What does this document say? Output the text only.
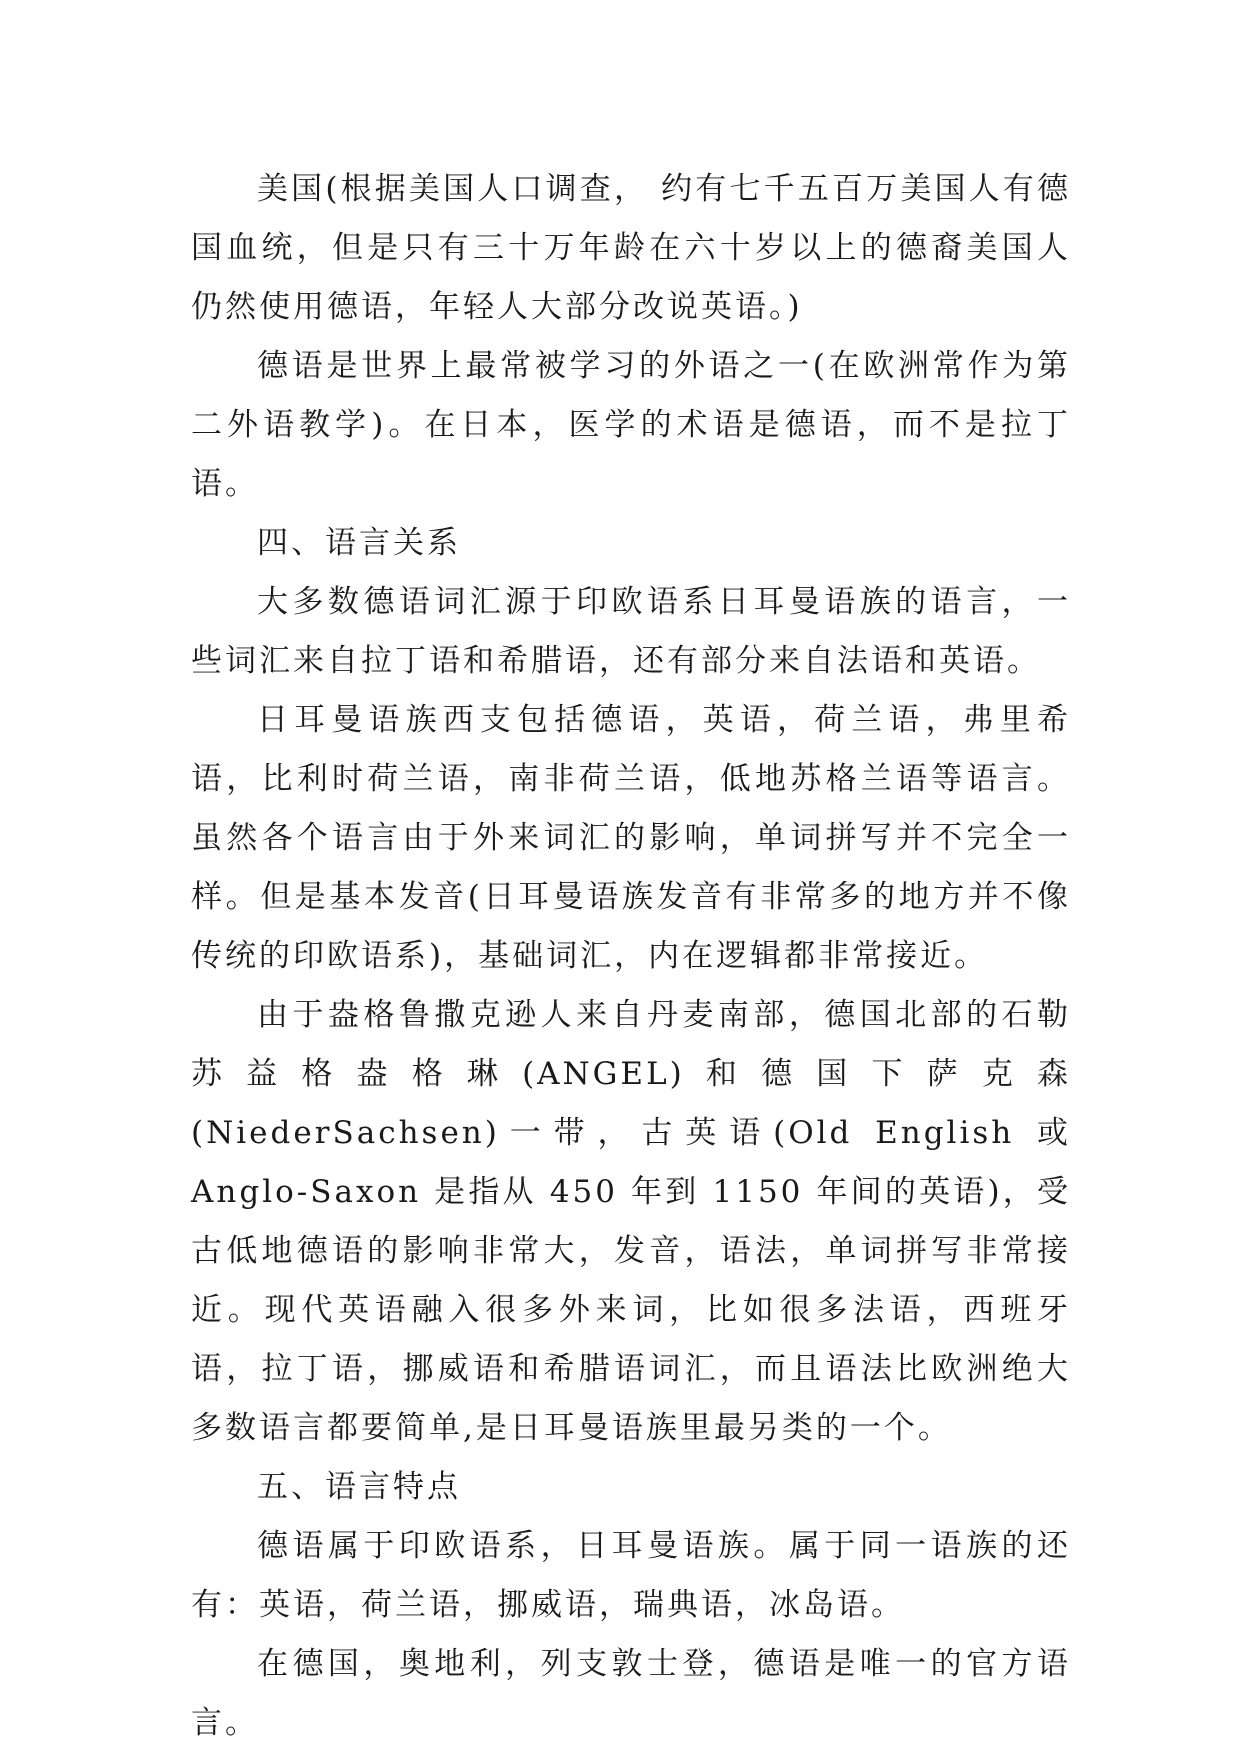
美国(根据美国人口调查， 约有七千五百万美国人有德国血统，但是只有三十万年龄在六十岁以上的德裔美国人仍然使用德语，年轻人大部分改说英语。)

德语是世界上最常被学习的外语之一(在欧洲常作为第二外语教学)。在日本，医学的术语是德语，而不是拉丁语。

四、语言关系

大多数德语词汇源于印欧语系日耳曼语族的语言，一些词汇来自拉丁语和希腊语，还有部分来自法语和英语。

日耳曼语族西支包括德语，英语，荷兰语，弗里希语，比利时荷兰语，南非荷兰语，低地苏格兰语等语言。虽然各个语言由于外来词汇的影响，单词拼写并不完全一样。但是基本发音(日耳曼语族发音有非常多的地方并不像传统的印欧语系)，基础词汇，内在逻辑都非常接近。

由于盎格鲁撒克逊人来自丹麦南部，德国北部的石勒苏益格盎格琳(ANGEL)和德国下萨克森(NiederSachsen)一带，古英语(Old English 或 Anglo-Saxon 是指从 450 年到 1150 年间的英语)，受古低地德语的影响非常大，发音，语法，单词拼写非常接近。现代英语融入很多外来词，比如很多法语，西班牙语，拉丁语，挪威语和希腊语词汇，而且语法比欧洲绝大多数语言都要简单,是日耳曼语族里最另类的一个。

五、语言特点

德语属于印欧语系，日耳曼语族。属于同一语族的还有：英语，荷兰语，挪威语，瑞典语，冰岛语。

在德国，奥地利，列支敦士登，德语是唯一的官方语言。
